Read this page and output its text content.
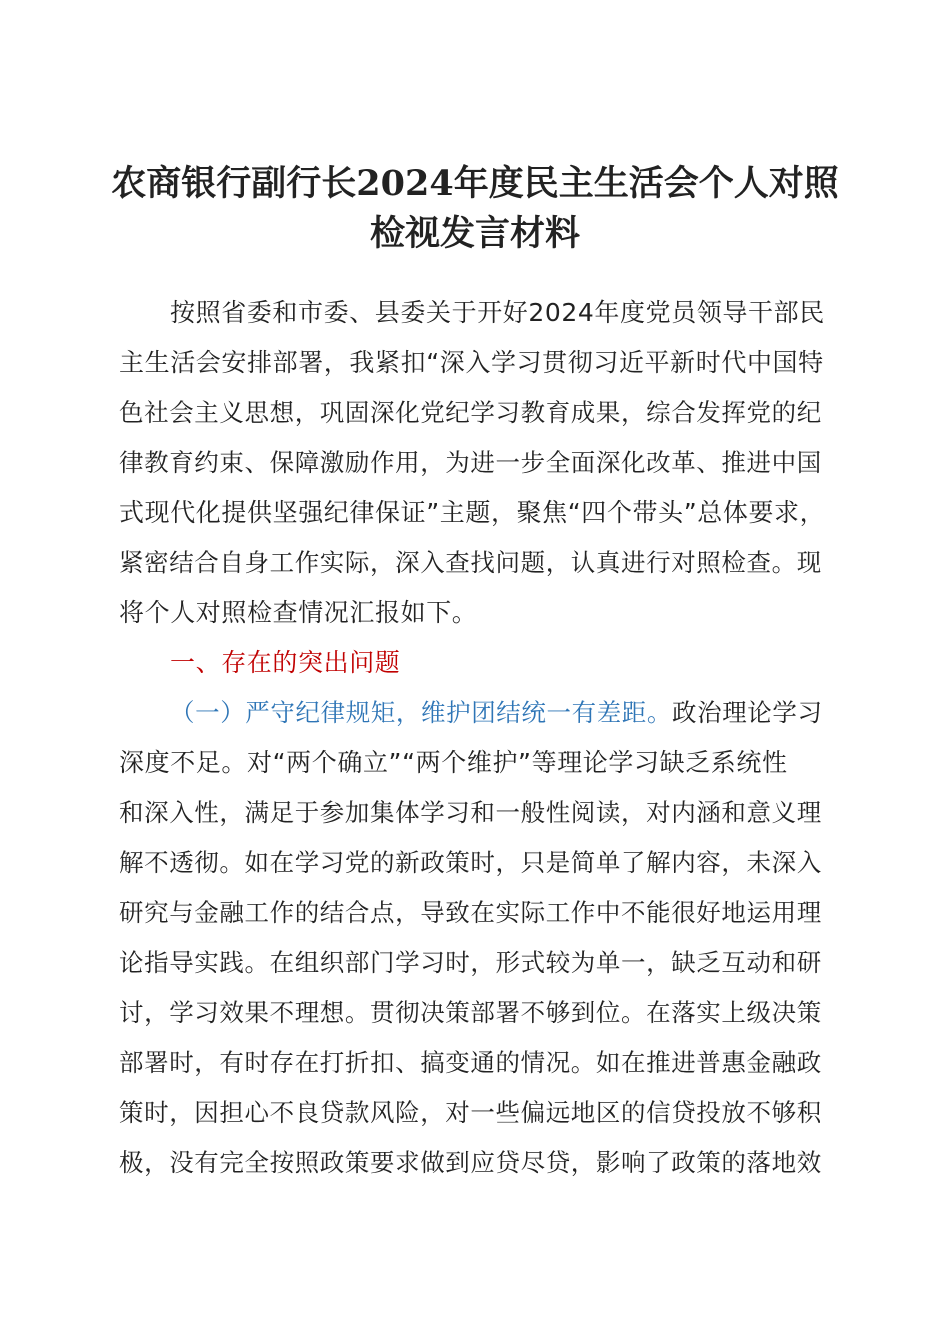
农商银行副行长2024年度民主生活会个人对照
检视发言材料
按照省委和市委、县委关于开好2024年度党员领导干部民
主生活会安排部署，我紧扣“深入学习贯彻习近平新时代中国特
色社会主义思想，巩固深化党纪学习教育成果，综合发挥党的纪
律教育约束、保障激励作用，为进一步全面深化改革、推进中国
式现代化提供坚强纪律保证”主题，聚焦“四个带头”总体要求，
紧密结合自身工作实际，深入查找问题，认真进行对照检查。现
将个人对照检查情况汇报如下。
一、存在的突出问题
（一）严守纪律规矩，维护团结统一有差距。政治理论学习
深度不足。对“两个确立”“两个维护”等理论学习缺乏系统性
和深入性，满足于参加集体学习和一般性阅读，对内涵和意义理
解不透彻。如在学习党的新政策时，只是简单了解内容，未深入
研究与金融工作的结合点，导致在实际工作中不能很好地运用理
论指导实践。在组织部门学习时，形式较为单一，缺乏互动和研
讨，学习效果不理想。贯彻决策部署不够到位。在落实上级决策
部署时，有时存在打折扣、搞变通的情况。如在推进普惠金融政
策时，因担心不良贷款风险，对一些偏远地区的信贷投放不够积
极，没有完全按照政策要求做到应贷尽贷，影响了政策的落地效
